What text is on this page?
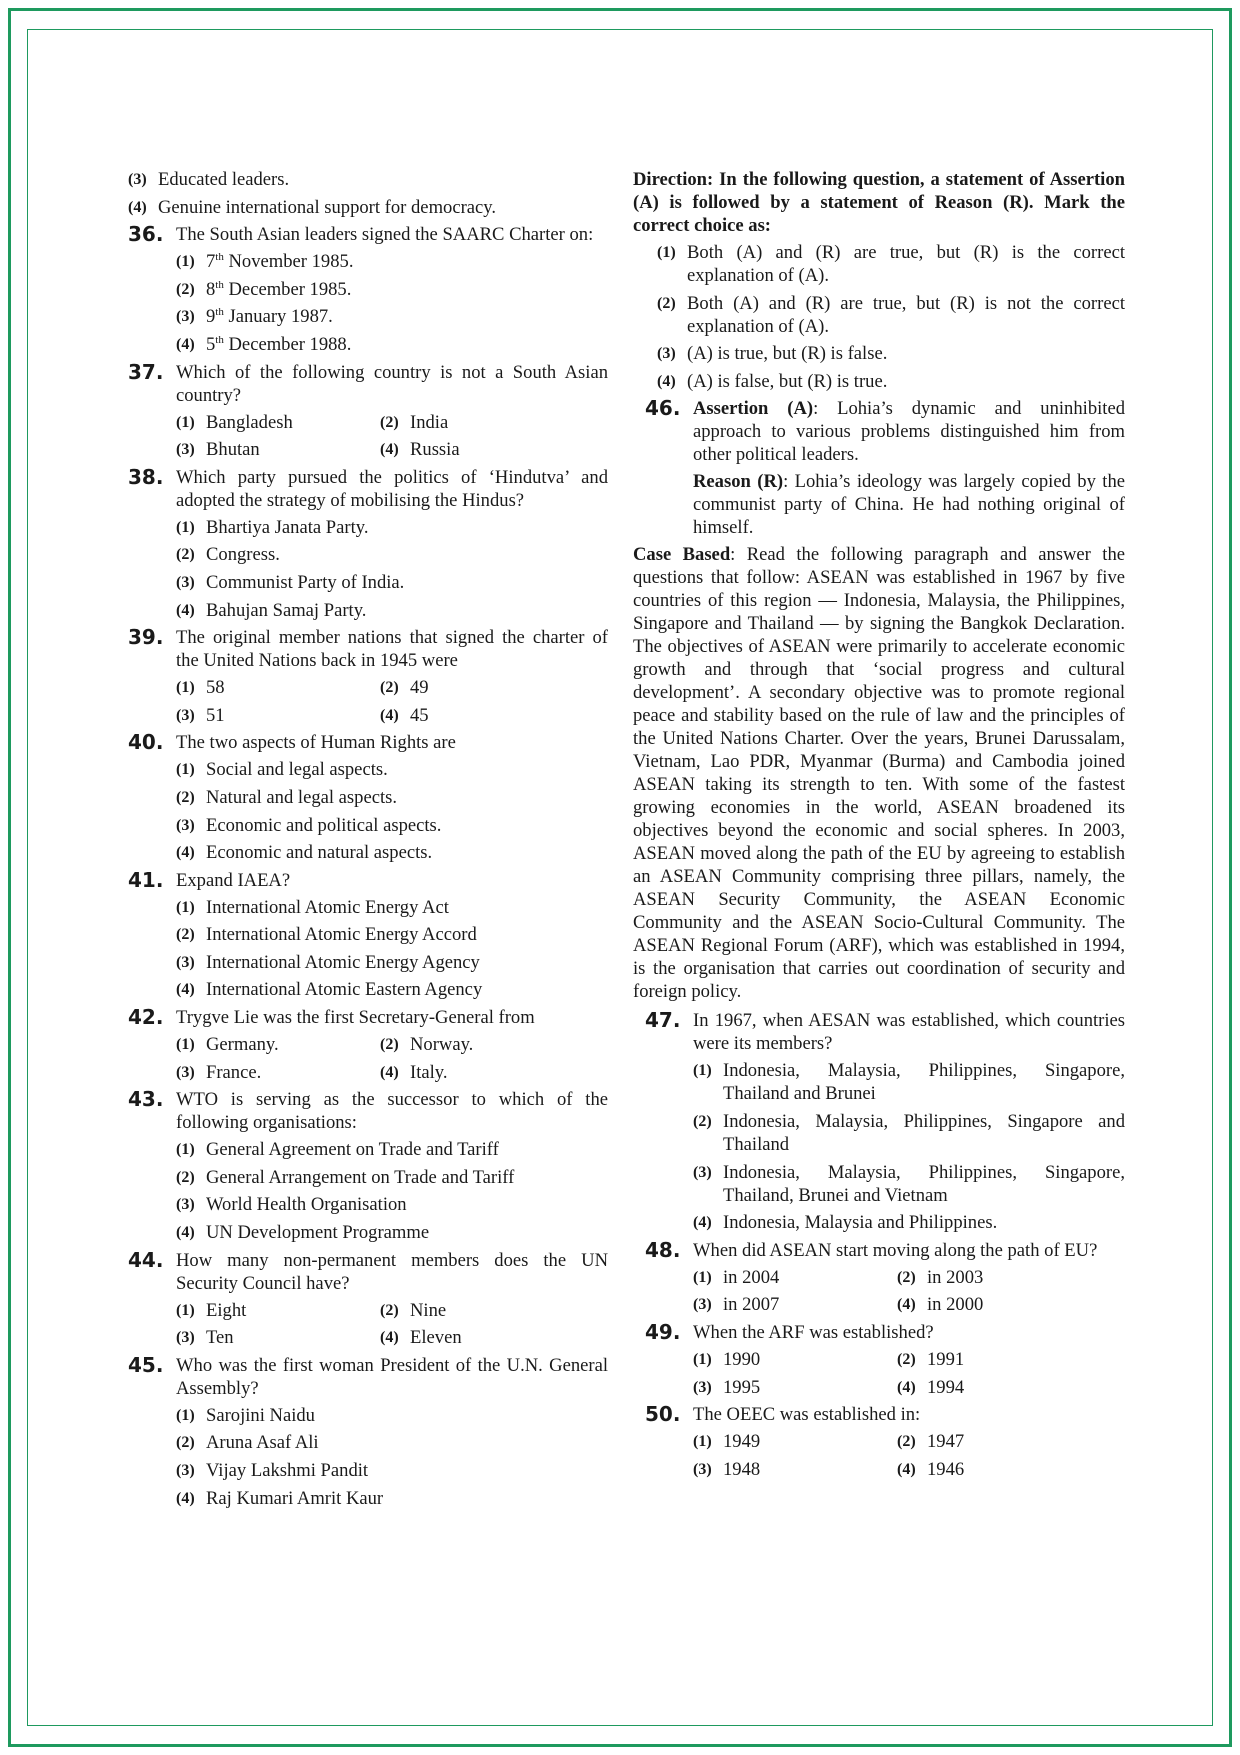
(3) Educated leaders.
(4) Genuine international support for democracy.
36. The South Asian leaders signed the SAARC Charter on:
(1) 7th November 1985.
(2) 8th December 1985.
(3) 9th January 1987.
(4) 5th December 1988.
37. Which of the following country is not a South Asian country?
(1) Bangladesh	(2) India
(3) Bhutan	(4) Russia
38. Which party pursued the politics of ‘Hindutva’ and adopted the strategy of mobilising the Hindus?
(1) Bhartiya Janata Party.
(2) Congress.
(3) Communist Party of India.
(4) Bahujan Samaj Party.
39. The original member nations that signed the charter of the United Nations back in 1945 were
(1) 58	(2) 49
(3) 51	(4) 45
40. The two aspects of Human Rights are
(1) Social and legal aspects.
(2) Natural and legal aspects.
(3) Economic and political aspects.
(4) Economic and natural aspects.
41. Expand IAEA?
(1) International Atomic Energy Act
(2) International Atomic Energy Accord
(3) International Atomic Energy Agency
(4) International Atomic Eastern Agency
42. Trygve Lie was the first Secretary-General from
(1) Germany.	(2) Norway.
(3) France.	(4) Italy.
43. WTO is serving as the successor to which of the following organisations:
(1) General Agreement on Trade and Tariff
(2) General Arrangement on Trade and Tariff
(3) World Health Organisation
(4) UN Development Programme
44. How many non-permanent members does the UN Security Council have?
(1) Eight	(2) Nine
(3) Ten	(4) Eleven
45. Who was the first woman President of the U.N. General Assembly?
(1) Sarojini Naidu
(2) Aruna Asaf Ali
(3) Vijay Lakshmi Pandit
(4) Raj Kumari Amrit Kaur
Direction: In the following question, a statement of Assertion (A) is followed by a statement of Reason (R). Mark the correct choice as:
(1) Both (A) and (R) are true, but (R) is the correct explanation of (A).
(2) Both (A) and (R) are true, but (R) is not the correct explanation of (A).
(3) (A) is true, but (R) is false.
(4) (A) is false, but (R) is true.
46. Assertion (A): Lohia’s dynamic and uninhibited approach to various problems distinguished him from other political leaders.
Reason (R): Lohia’s ideology was largely copied by the communist party of China. He had nothing original of himself.
Case Based: Read the following paragraph and answer the questions that follow: ASEAN was established in 1967 by five countries of this region — Indonesia, Malaysia, the Philippines, Singapore and Thailand — by signing the Bangkok Declaration. The objectives of ASEAN were primarily to accelerate economic growth and through that ‘social progress and cultural development’. A secondary objective was to promote regional peace and stability based on the rule of law and the principles of the United Nations Charter. Over the years, Brunei Darussalam, Vietnam, Lao PDR, Myanmar (Burma) and Cambodia joined ASEAN taking its strength to ten. With some of the fastest growing economies in the world, ASEAN broadened its objectives beyond the economic and social spheres. In 2003, ASEAN moved along the path of the EU by agreeing to establish an ASEAN Community comprising three pillars, namely, the ASEAN Security Community, the ASEAN Economic Community and the ASEAN Socio-Cultural Community. The ASEAN Regional Forum (ARF), which was established in 1994, is the organisation that carries out coordination of security and foreign policy.
47. In 1967, when AESAN was established, which countries were its members?
(1) Indonesia, Malaysia, Philippines, Singapore, Thailand and Brunei
(2) Indonesia, Malaysia, Philippines, Singapore and Thailand
(3) Indonesia, Malaysia, Philippines, Singapore, Thailand, Brunei and Vietnam
(4) Indonesia, Malaysia and Philippines.
48. When did ASEAN start moving along the path of EU?
(1) in 2004	(2) in 2003
(3) in 2007	(4) in 2000
49. When the ARF was established?
(1) 1990	(2) 1991
(3) 1995	(4) 1994
50. The OEEC was established in:
(1) 1949	(2) 1947
(3) 1948	(4) 1946
